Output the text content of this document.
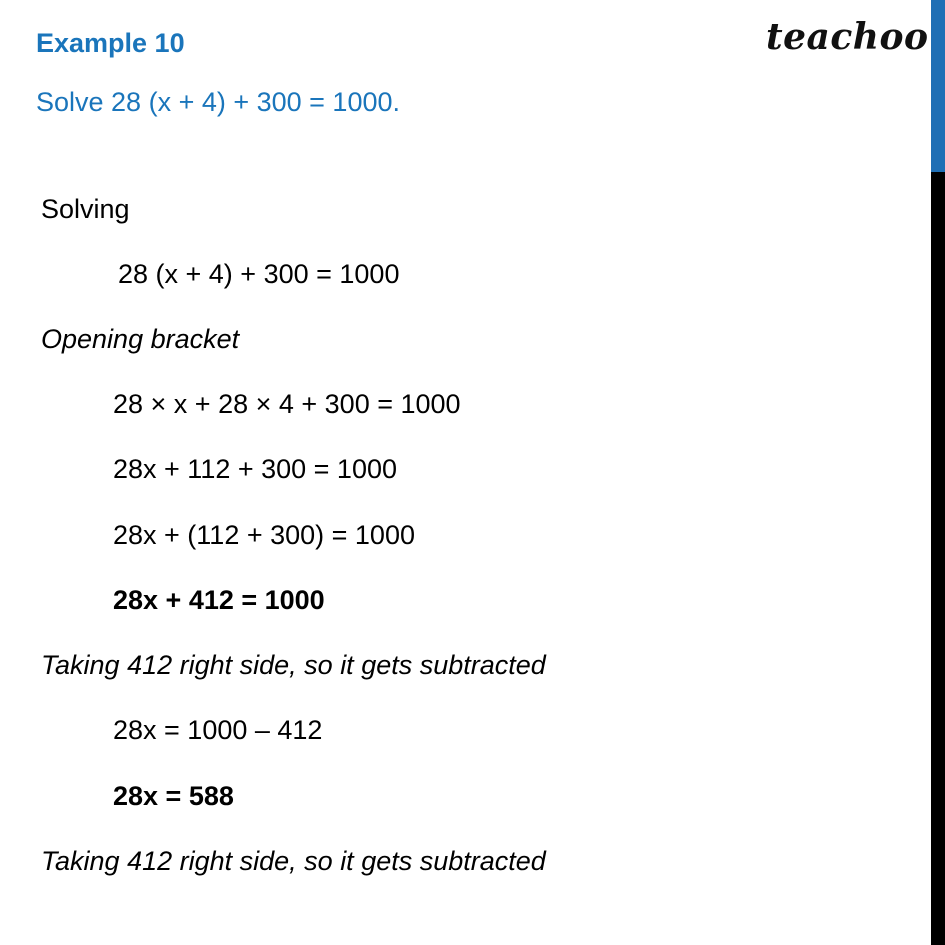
Example 10
Solve 28 (x + 4) + 300 = 1000.
teachoo
Solving
28 (x + 4) + 300 = 1000
Opening bracket
28 × x + 28 × 4 + 300 = 1000
28x + 112 + 300 = 1000
28x + (112 + 300) = 1000
28x + 412 = 1000
Taking 412 right side, so it gets subtracted
28x = 1000 – 412
28x = 588
Taking 412 right side, so it gets subtracted
